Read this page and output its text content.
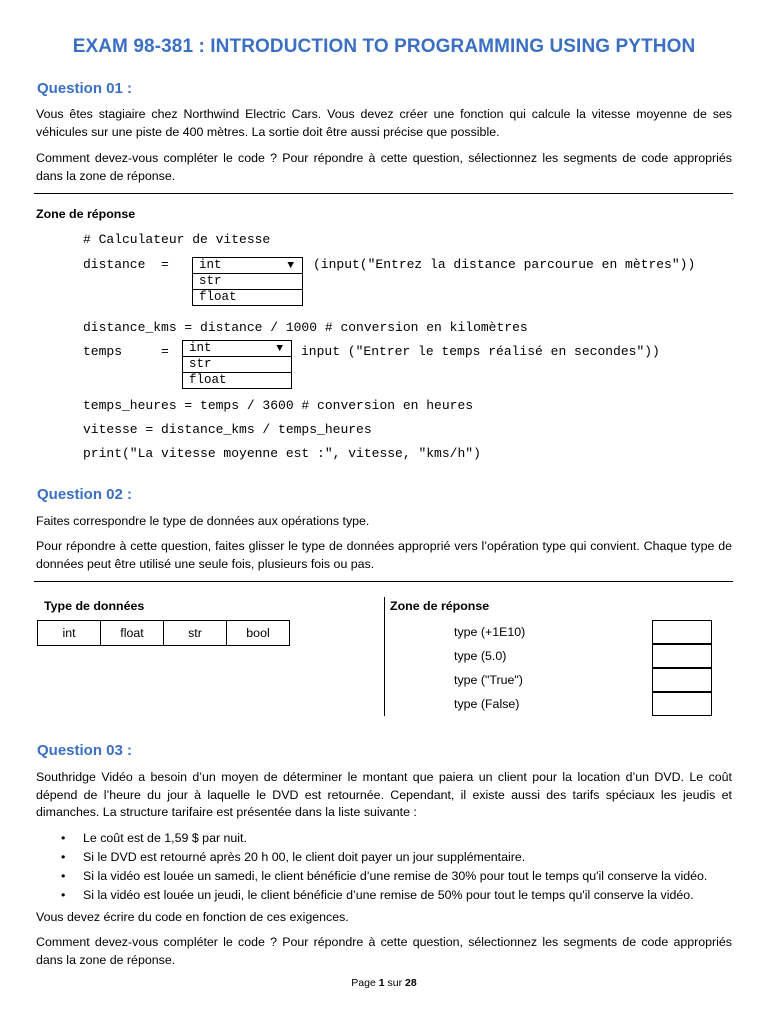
EXAM 98-381 : INTRODUCTION TO PROGRAMMING USING PYTHON
Question 01 :
Vous êtes stagiaire chez Northwind Electric Cars. Vous devez créer une fonction qui calcule la vitesse moyenne de ses véhicules sur une piste de 400 mètres. La sortie doit être aussi précise que possible.
Comment devez-vous compléter le code ? Pour répondre à cette question, sélectionnez les segments de code appropriés dans la zone de réponse.
Zone de réponse
# Calculateur de vitesse
distance  =	int	▼
str
float
(input("Entrez la distance parcourue en mètres"))
distance_kms = distance / 1000 # conversion en kilomètres
temps     =	int	▼
str
float
input ("Entrer le temps réalisé en secondes"))
temps_heures = temps / 3600 # conversion en heures
vitesse = distance_kms / temps_heures
print("La vitesse moyenne est :", vitesse, "kms/h")
Question 02 :
Faites correspondre le type de données aux opérations type.
Pour répondre à cette question, faites glisser le type de données approprié vers l’opération type qui convient. Chaque type de données peut être utilisé une seule fois, plusieurs fois ou pas.
Type de données
int	float	str	bool
Zone de réponse
type (+1E10)
type (5.0)
type ("True")
type (False)
Question 03 :
Southridge Vidéo a besoin d’un moyen de déterminer le montant que paiera un client pour la location d’un DVD. Le coût dépend de l’heure du jour à laquelle le DVD est retournée. Cependant, il existe aussi des tarifs spéciaux les jeudis et dimanches. La structure tarifaire est présentée dans la liste suivante :
• Le coût est de 1,59 $ par nuit.
• Si le DVD est retourné après 20 h 00, le client doit payer un jour supplémentaire.
• Si la vidéo est louée un samedi, le client bénéficie d’une remise de 30% pour tout le temps qu'il conserve la vidéo.
• Si la vidéo est louée un jeudi, le client bénéficie d’une remise de 50% pour tout le temps qu'il conserve la vidéo.
Vous devez écrire du code en fonction de ces exigences.
Comment devez-vous compléter le code ? Pour répondre à cette question, sélectionnez les segments de code appropriés dans la zone de réponse.
Page 1 sur 28
